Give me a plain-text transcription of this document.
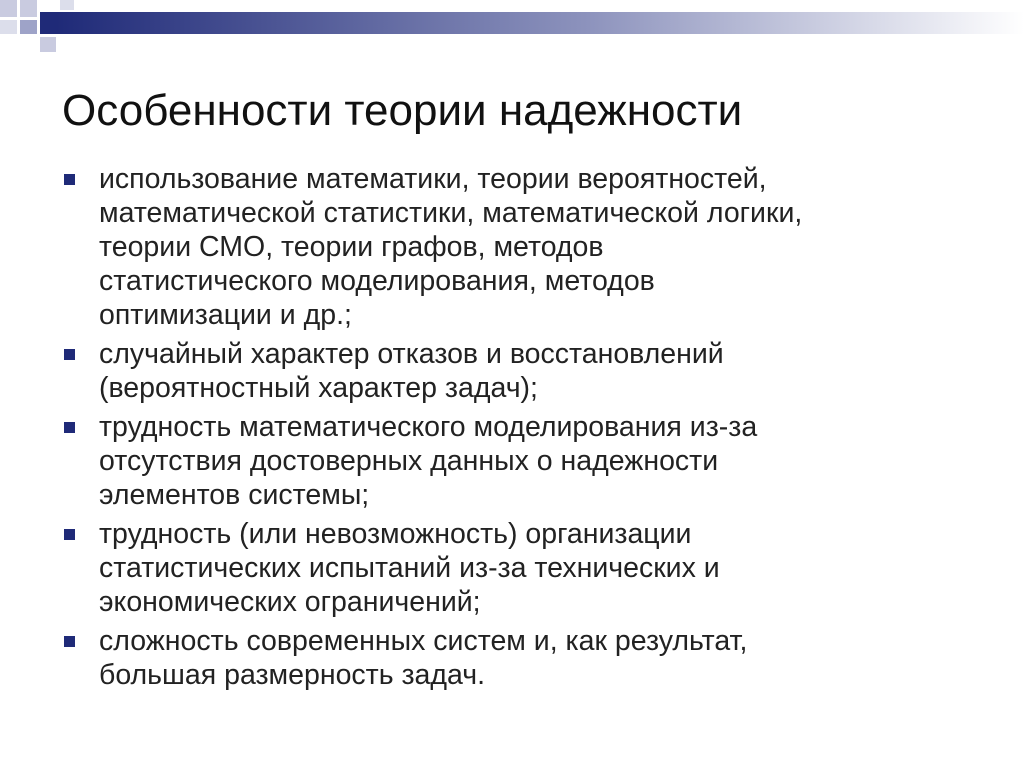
Особенности теории надежности
использование математики, теории вероятностей,
математической статистики, математической логики,
теории СМО, теории графов, методов
статистического моделирования, методов
оптимизации и др.;
случайный характер отказов и восстановлений
(вероятностный характер задач);
трудность математического моделирования из-за
отсутствия достоверных данных о надежности
элементов системы;
трудность (или невозможность) организации
статистических испытаний из-за технических и
экономических ограничений;
сложность современных систем и, как результат,
большая размерность задач.
